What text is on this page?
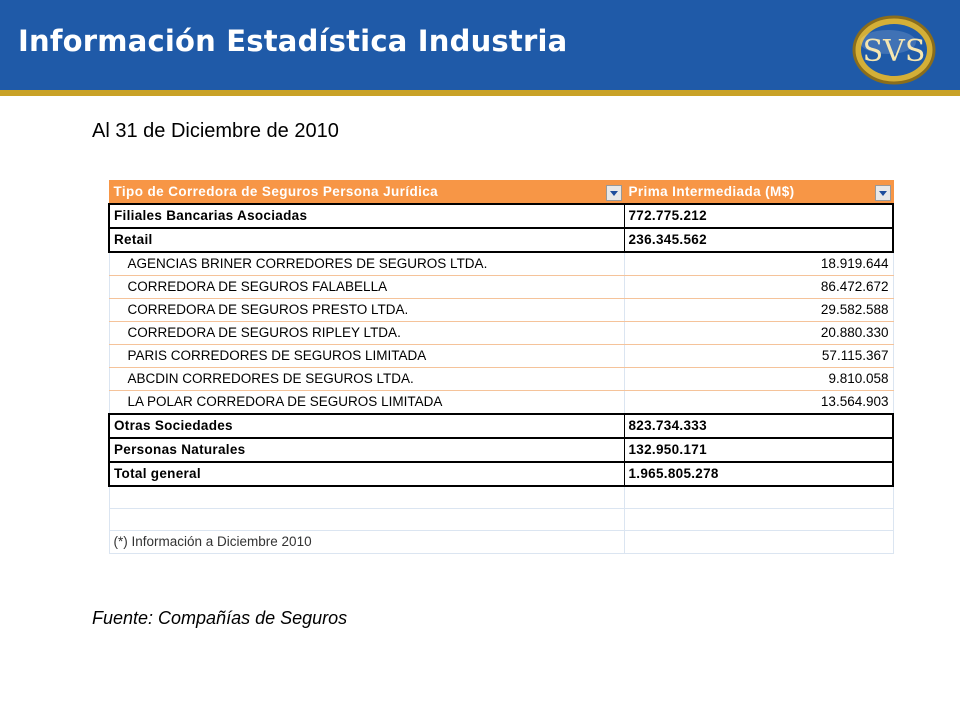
Información Estadística Industria	SVS
Al 31 de Diciembre de 2010
Tipo de Corredora de Seguros Persona Jurídica	Prima Intermediada (M$)

Filiales Bancarias Asociadas	772.775.212
Retail	236.345.562
AGENCIAS BRINER CORREDORES DE SEGUROS LTDA.	18.919.644
CORREDORA DE SEGUROS FALABELLA	86.472.672
CORREDORA DE SEGUROS PRESTO LTDA.	29.582.588
CORREDORA DE SEGUROS RIPLEY LTDA.	20.880.330
PARIS CORREDORES DE SEGUROS LIMITADA	57.115.367
ABCDIN CORREDORES DE SEGUROS LTDA.	9.810.058
LA POLAR CORREDORA DE SEGUROS LIMITADA	13.564.903
Otras Sociedades	823.734.333
Personas Naturales	132.950.171
Total general	1.965.805.278

(*) Información a Diciembre 2010	
Fuente: Compañías de Seguros
